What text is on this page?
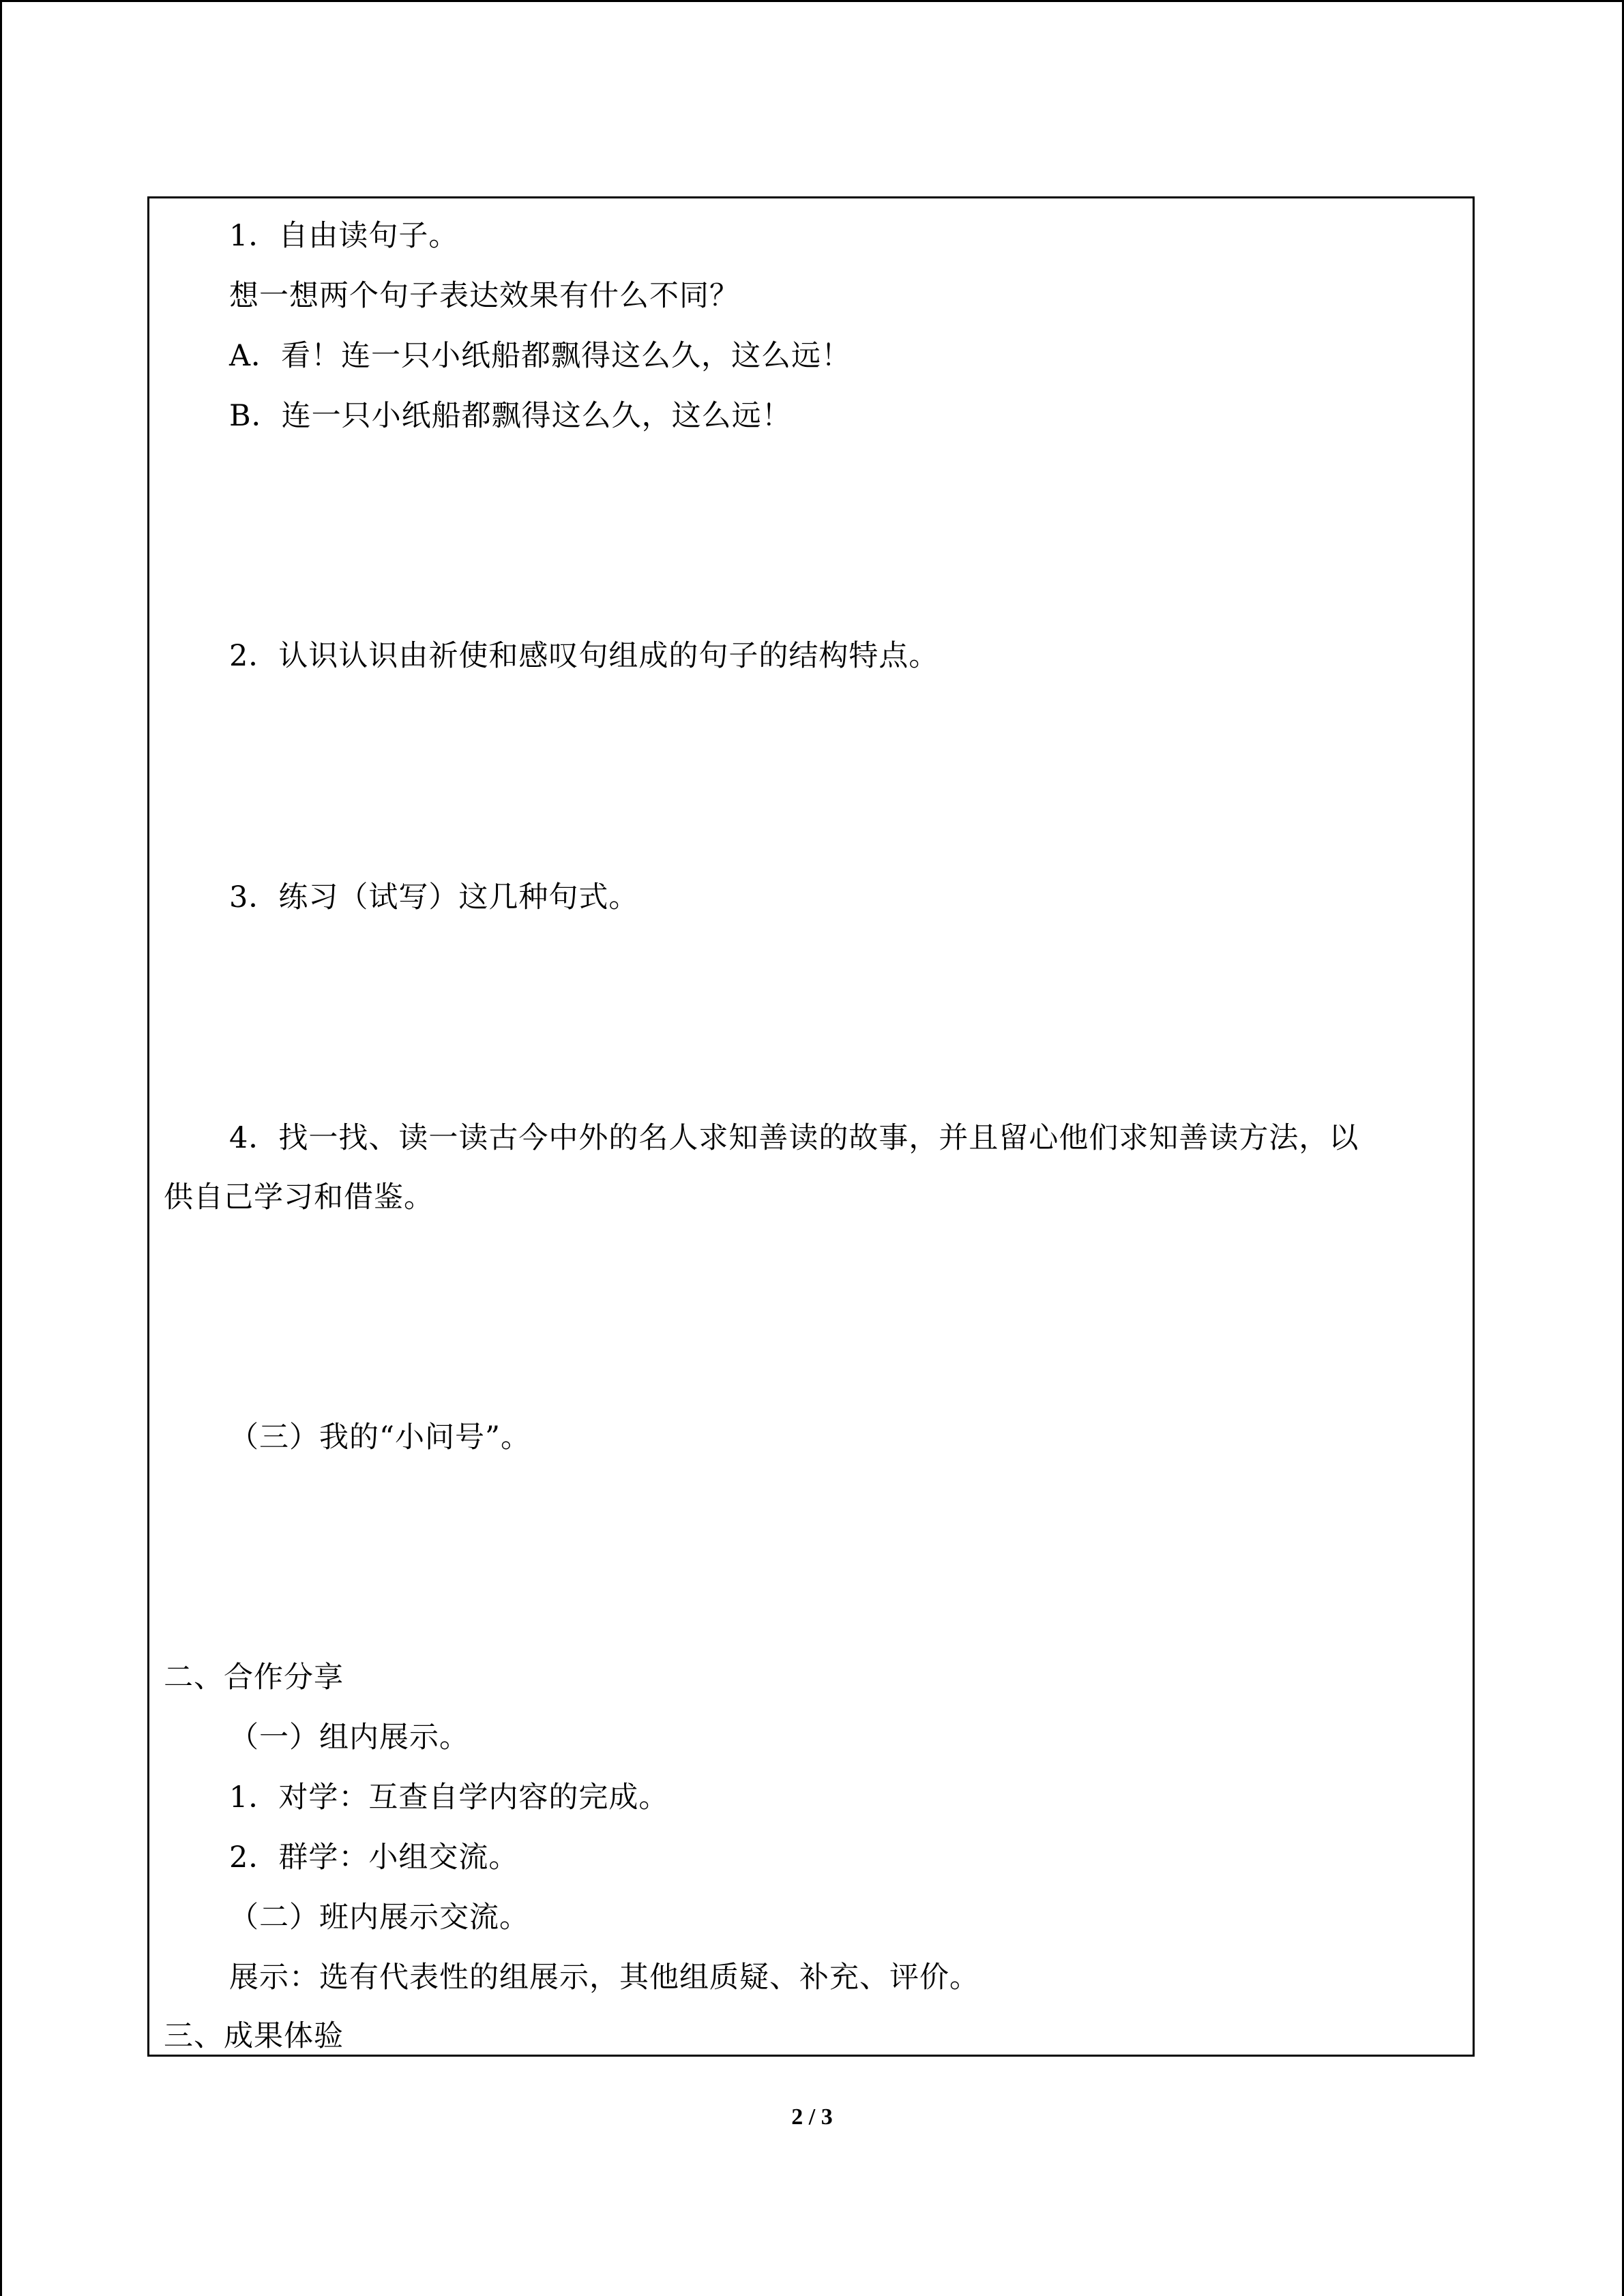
1．自由读句子。
想一想两个句子表达效果有什么不同？
A．看！连一只小纸船都飘得这么久，这么远！
B．连一只小纸船都飘得这么久，这么远！
2．认识认识由祈使和感叹句组成的句子的结构特点。
3．练习（试写）这几种句式。
4．找一找、读一读古今中外的名人求知善读的故事，并且留心他们求知善读方法，以
供自己学习和借鉴。
（三）我的“小问号”。
二、合作分享
（一）组内展示。
1．对学：互查自学内容的完成。
2．群学：小组交流。
（二）班内展示交流。
展示：选有代表性的组展示，其他组质疑、补充、评价。
三、成果体验
2 / 3
